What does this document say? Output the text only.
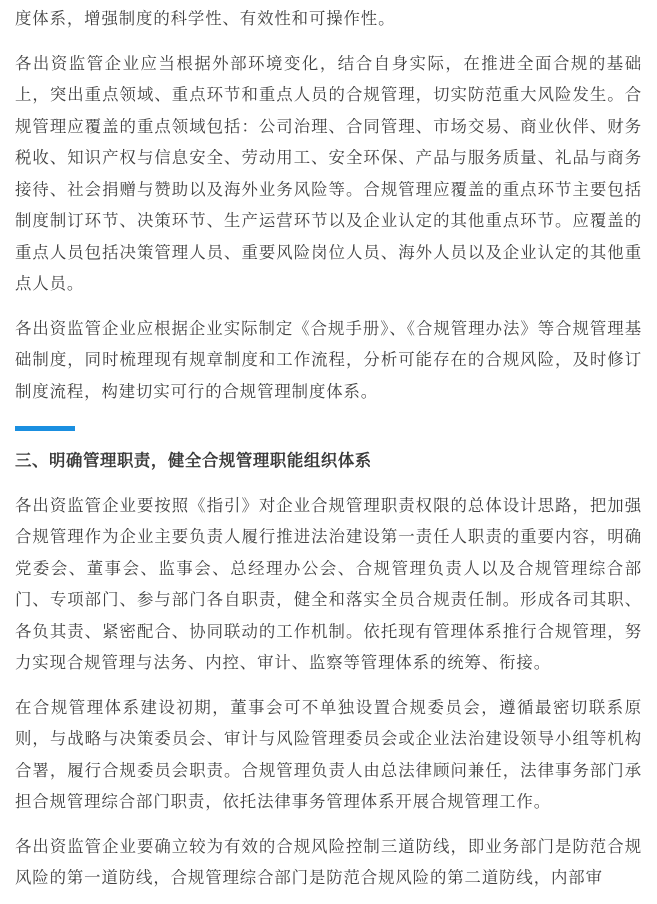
度体系，增强制度的科学性、有效性和可操作性。

各出资监管企业应当根据外部环境变化，结合自身实际，在推进全面合规的基础上，突出重点领域、重点环节和重点人员的合规管理，切实防范重大风险发生。合规管理应覆盖的重点领域包括：公司治理、合同管理、市场交易、商业伙伴、财务税收、知识产权与信息安全、劳动用工、安全环保、产品与服务质量、礼品与商务接待、社会捐赠与赞助以及海外业务风险等。合规管理应覆盖的重点环节主要包括制度制订环节、决策环节、生产运营环节以及企业认定的其他重点环节。应覆盖的重点人员包括决策管理人员、重要风险岗位人员、海外人员以及企业认定的其他重点人员。

各出资监管企业应根据企业实际制定《合规手册》、《合规管理办法》等合规管理基础制度，同时梳理现有规章制度和工作流程，分析可能存在的合规风险，及时修订制度流程，构建切实可行的合规管理制度体系。

三、明确管理职责，健全合规管理职能组织体系

各出资监管企业要按照《指引》对企业合规管理职责权限的总体设计思路，把加强合规管理作为企业主要负责人履行推进法治建设第一责任人职责的重要内容，明确党委会、董事会、监事会、总经理办公会、合规管理负责人以及合规管理综合部门、专项部门、参与部门各自职责，健全和落实全员合规责任制。形成各司其职、各负其责、紧密配合、协同联动的工作机制。依托现有管理体系推行合规管理，努力实现合规管理与法务、内控、审计、监察等管理体系的统筹、衔接。

在合规管理体系建设初期，董事会可不单独设置合规委员会，遵循最密切联系原则，与战略与决策委员会、审计与风险管理委员会或企业法治建设领导小组等机构合署，履行合规委员会职责。合规管理负责人由总法律顾问兼任，法律事务部门承担合规管理综合部门职责，依托法律事务管理体系开展合规管理工作。

各出资监管企业要确立较为有效的合规风险控制三道防线，即业务部门是防范合规风险的第一道防线，合规管理综合部门是防范合规风险的第二道防线，内部审
